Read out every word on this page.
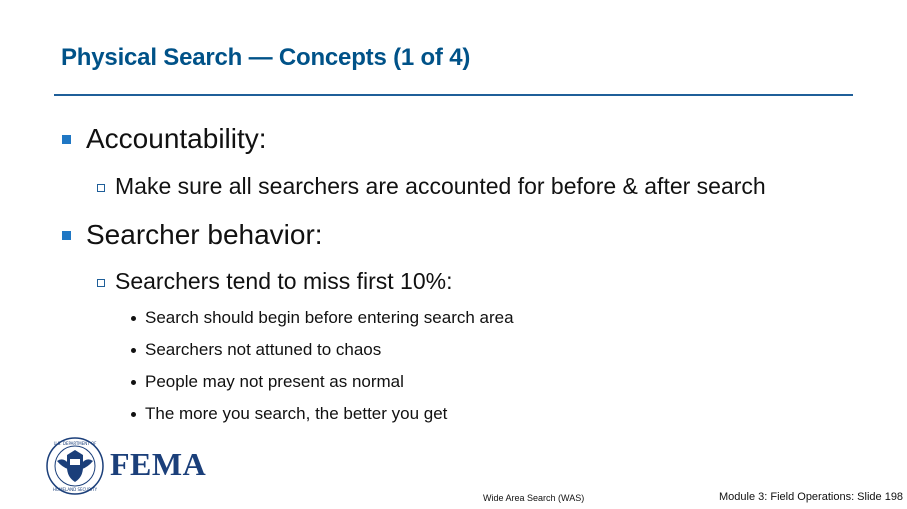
Physical Search — Concepts (1 of 4)
Accountability:
Make sure all searchers are accounted for before & after search
Searcher behavior:
Searchers tend to miss first 10%:
Search should begin before entering search area
Searchers not attuned to chaos
People may not present as normal
The more you search, the better you get
U.S. DEPARTMENT OF
HOMELAND SECURITY
FEMA
Wide Area Search (WAS)	Module 3: Field Operations: Slide 198
